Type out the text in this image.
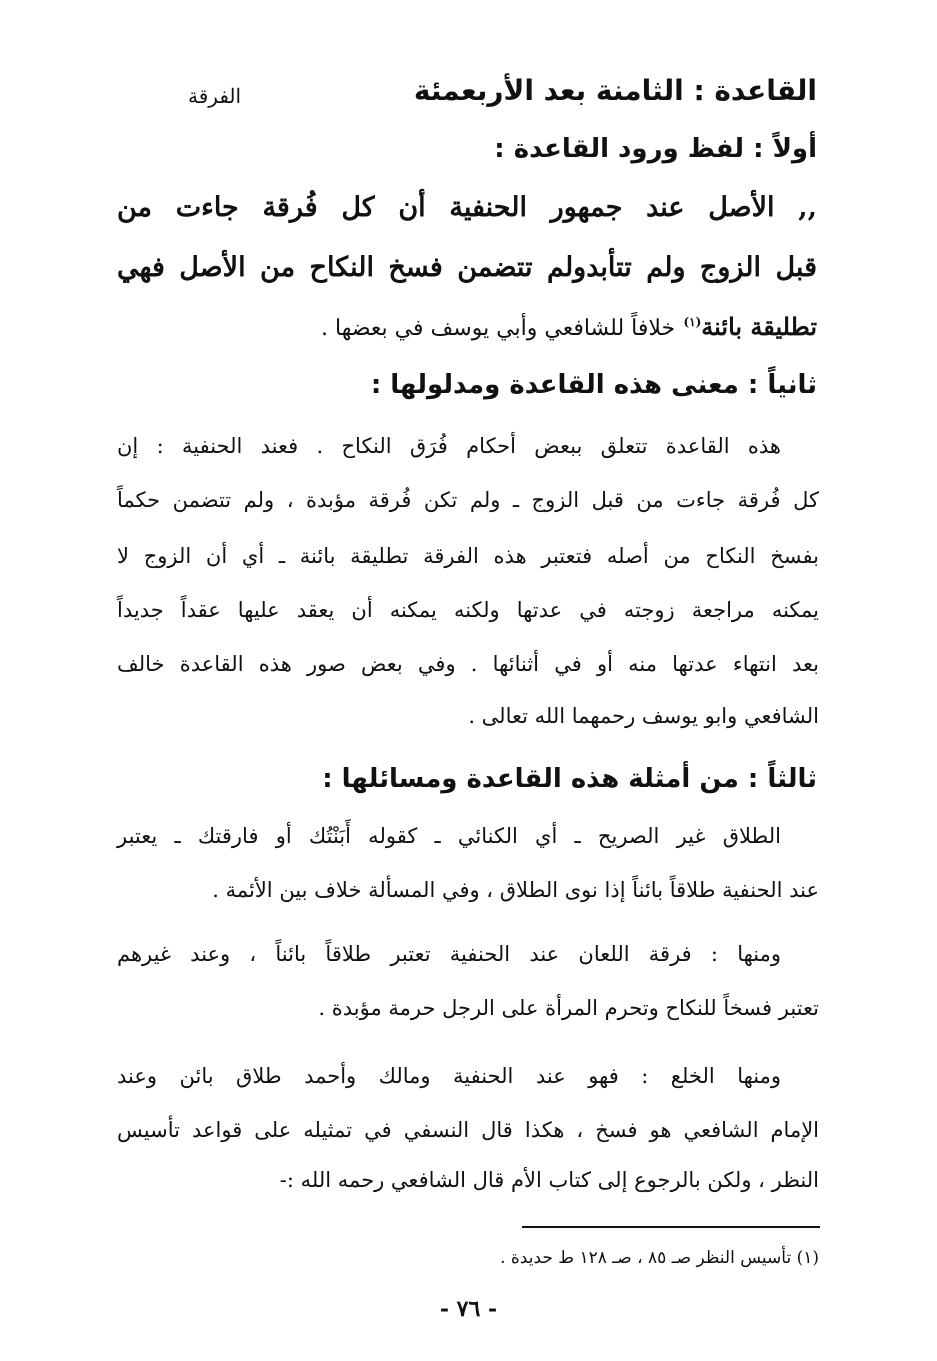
القاعدة : الثامنة بعد الأربعمئة
الفرقة
أولاً : لفظ ورود القاعدة :
,, الأصل عند جمهور الحنفية أن كل فُرقة جاءت من
قبل الزوج ولم تتأبدولم تتضمن فسخ النكاح من الأصل فهي
تطليقة بائنة$^{(١)}$ خلافاً للشافعي وأبي يوسف في بعضها .
ثانياً : معنى هذه القاعدة ومدلولها :
هذه القاعدة تتعلق ببعض أحكام فُرَق النكاح . فعند الحنفية : إن
كل فُرقة جاءت من قبل الزوج ـ ولم تكن فُرقة مؤبدة ، ولم تتضمن حكماً
بفسخ النكاح من أصله فتعتبر هذه الفرقة تطليقة بائنة ـ أي أن الزوج لا
يمكنه مراجعة زوجته في عدتها ولكنه يمكنه أن يعقد عليها عقداً جديداً
بعد انتهاء عدتها منه أو في أثنائها . وفي بعض صور هذه القاعدة خالف
الشافعي وابو يوسف رحمهما الله تعالى .
ثالثاً : من أمثلة هذه القاعدة ومسائلها :
الطلاق غير الصريح ـ أي الكنائي ـ كقوله أَبَنْتُك أو فارقتك ـ يعتبر
عند الحنفية طلاقاً بائناً إذا نوى الطلاق ، وفي المسألة خلاف بين الأئمة .
ومنها : فرقة اللعان عند الحنفية تعتبر طلاقاً بائناً ، وعند غيرهم
تعتبر فسخاً للنكاح وتحرم المرأة على الرجل حرمة مؤبدة .
ومنها الخلع : فهو عند الحنفية ومالك وأحمد طلاق بائن وعند
الإمام الشافعي هو فسخ ، هكذا قال النسفي في تمثيله على قواعد تأسيس
النظر ، ولكن بالرجوع إلى كتاب الأم قال الشافعي رحمه الله :-
(١) تأسيس النظر صـ ٨٥ ، صـ ١٢٨ ط حديدة .
- ٧٦ -
